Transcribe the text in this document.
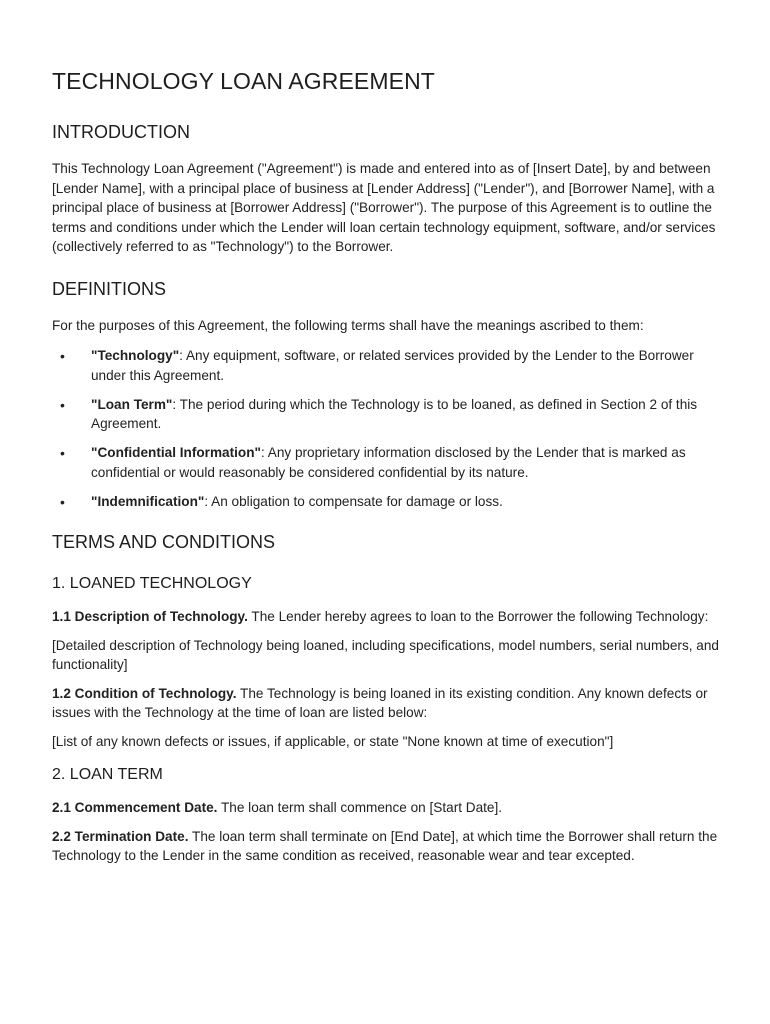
TECHNOLOGY LOAN AGREEMENT
INTRODUCTION

This Technology Loan Agreement ("Agreement") is made and entered into as of [Insert Date], by and between [Lender Name], with a principal place of business at [Lender Address] ("Lender"), and [Borrower Name], with a principal place of business at [Borrower Address] ("Borrower"). The purpose of this Agreement is to outline the terms and conditions under which the Lender will loan certain technology equipment, software, and/or services (collectively referred to as "Technology") to the Borrower.

DEFINITIONS

For the purposes of this Agreement, the following terms shall have the meanings ascribed to them:

• "Technology": Any equipment, software, or related services provided by the Lender to the Borrower under this Agreement.
• "Loan Term": The period during which the Technology is to be loaned, as defined in Section 2 of this Agreement.
• "Confidential Information": Any proprietary information disclosed by the Lender that is marked as confidential or would reasonably be considered confidential by its nature.
• "Indemnification": An obligation to compensate for damage or loss.
TERMS AND CONDITIONS
1. LOANED TECHNOLOGY

1.1 Description of Technology. The Lender hereby agrees to loan to the Borrower the following Technology:

[Detailed description of Technology being loaned, including specifications, model numbers, serial numbers, and functionality]

1.2 Condition of Technology. The Technology is being loaned in its existing condition. Any known defects or issues with the Technology at the time of loan are listed below:

[List of any known defects or issues, if applicable, or state "None known at time of execution"]

2. LOAN TERM

2.1 Commencement Date. The loan term shall commence on [Start Date].

2.2 Termination Date. The loan term shall terminate on [End Date], at which time the Borrower shall return the Technology to the Lender in the same condition as received, reasonable wear and tear excepted.
